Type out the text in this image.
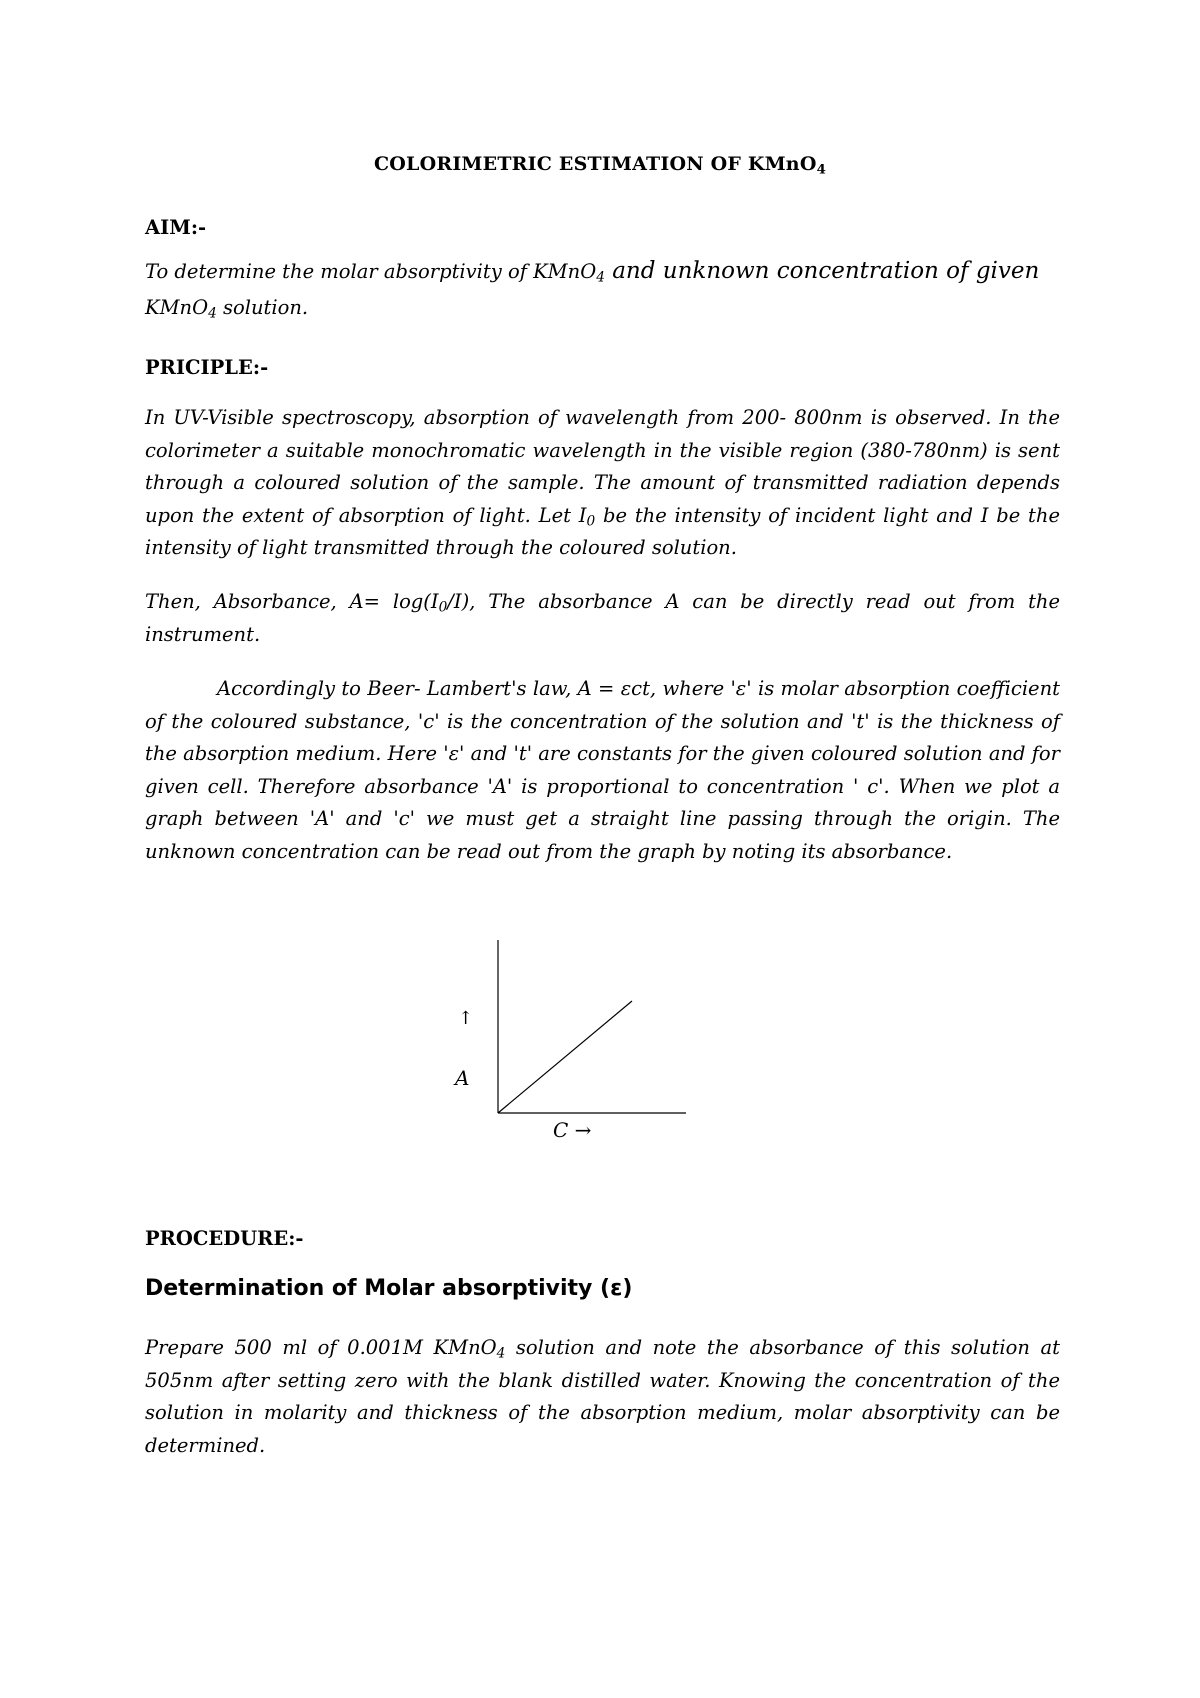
COLORIMETRIC ESTIMATION OF KMnO$_4$
AIM:-
To determine the molar absorptivity of KMnO$_4$ and unknown concentration of given
KMnO$_4$ solution.
PRICIPLE:-

In UV-Visible spectroscopy, absorption of wavelength from 200- 800nm is observed. In the colorimeter a suitable monochromatic wavelength in the visible region (380-780nm) is sent through a coloured solution of the sample. The amount of transmitted radiation depends upon the extent of absorption of light. Let $I_0$ be the intensity of incident light and I be the intensity of light transmitted through the coloured solution.

Then, Absorbance, $A= \log(I_0/I)$, The absorbance A can be directly read out from the instrument.

Accordingly to Beer- Lambert's law, A = εct, where 'ε' is molar absorption coefficient of the coloured substance, 'c' is the concentration of the solution and 't' is the thickness of the absorption medium. Here 'ε' and 't' are constants for the given coloured solution and for given cell. Therefore absorbance 'A' is proportional to concentration ' c'. When we plot a graph between 'A' and 'c' we must get a straight line passing through the origin. The unknown concentration can be read out from the graph by noting its absorbance.

↑
A
C →
PROCEDURE:-
Determination of Molar absorptivity (ε)

Prepare 500 ml of 0.001M KMnO$_4$ solution and note the absorbance of this solution at 505nm after setting zero with the blank distilled water. Knowing the concentration of the solution in molarity and thickness of the absorption medium, molar absorptivity can be determined.
